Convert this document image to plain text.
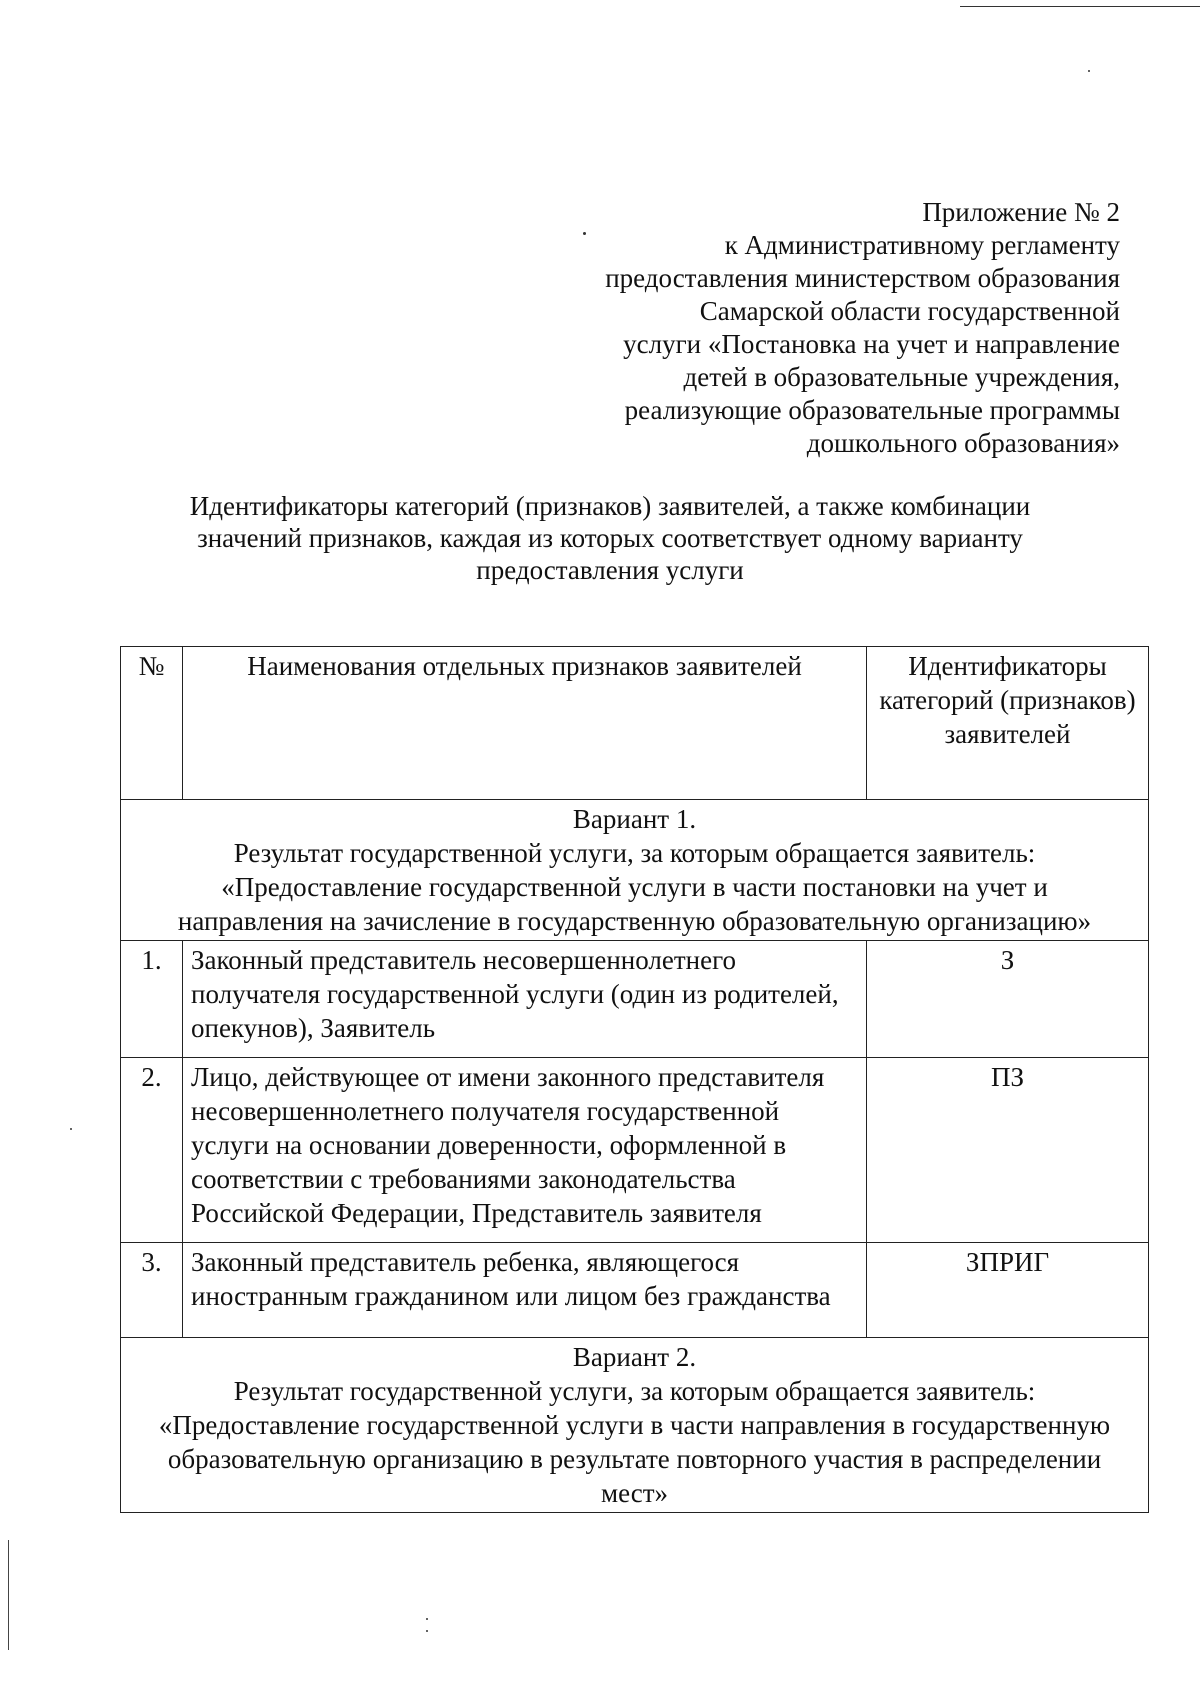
Приложение № 2
к Административному регламенту
предоставления министерством образования
Самарской области государственной
услуги «Постановка на учет и направление
детей в образовательные учреждения,
реализующие образовательные программы
дошкольного образования»
Идентификаторы категорий (признаков) заявителей, а также комбинации
значений признаков, каждая из которых соответствует одному варианту
предоставления услуги
№	Наименования отдельных признаков заявителей	Идентификаторы категорий (признаков) заявителей

Вариант 1.
Результат государственной услуги, за которым обращается заявитель:
«Предоставление государственной услуги в части постановки на учет и
направления на зачисление в государственную образовательную организацию»		

1.	Законный представитель несовершеннолетнего получателя государственной услуги (один из родителей, опекунов), Заявитель	З
2.	Лицо, действующее от имени законного представителя несовершеннолетнего получателя государственной услуги на основании доверенности, оформленной в соответствии с требованиями законодательства Российской Федерации, Представитель заявителя	ПЗ
3.	Законный представитель ребенка, являющегося иностранным гражданином или лицом без гражданства	ЗПРИГ

Вариант 2.
Результат государственной услуги, за которым обращается заявитель:
«Предоставление государственной услуги в части направления в государственную
образовательную организацию в результате повторного участия в распределении
мест»		
